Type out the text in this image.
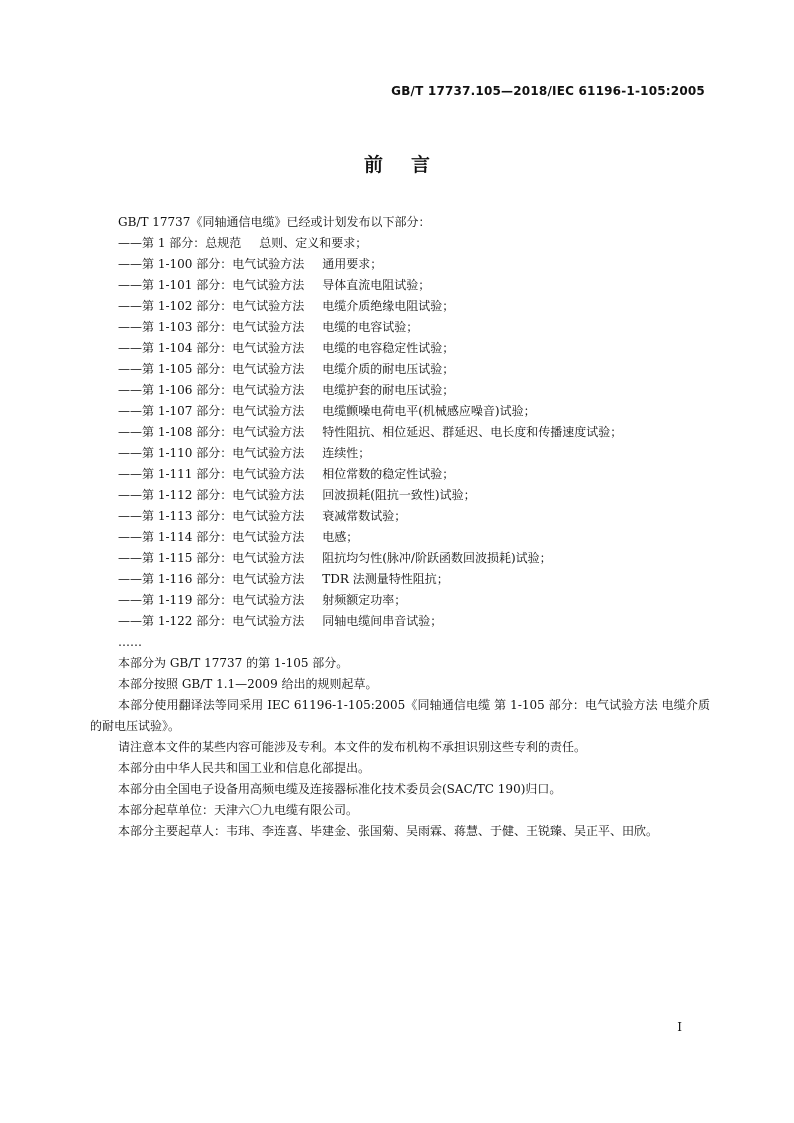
GB/T 17737.105—2018/IEC 61196-1-105:2005
前言
GB/T 17737《同轴通信电缆》已经或计划发布以下部分：
——第 1 部分：总规范 总则、定义和要求；
——第 1-100 部分：电气试验方法 通用要求；
——第 1-101 部分：电气试验方法 导体直流电阻试验；
——第 1-102 部分：电气试验方法 电缆介质绝缘电阻试验；
——第 1-103 部分：电气试验方法 电缆的电容试验；
——第 1-104 部分：电气试验方法 电缆的电容稳定性试验；
——第 1-105 部分：电气试验方法 电缆介质的耐电压试验；
——第 1-106 部分：电气试验方法 电缆护套的耐电压试验；
——第 1-107 部分：电气试验方法 电缆颤噪电荷电平(机械感应噪音)试验；
——第 1-108 部分：电气试验方法 特性阻抗、相位延迟、群延迟、电长度和传播速度试验；
——第 1-110 部分：电气试验方法 连续性；
——第 1-111 部分：电气试验方法 相位常数的稳定性试验；
——第 1-112 部分：电气试验方法 回波损耗(阻抗一致性)试验；
——第 1-113 部分：电气试验方法 衰减常数试验；
——第 1-114 部分：电气试验方法 电感；
——第 1-115 部分：电气试验方法 阻抗均匀性(脉冲/阶跃函数回波损耗)试验；
——第 1-116 部分：电气试验方法 TDR 法测量特性阻抗；
——第 1-119 部分：电气试验方法 射频额定功率；
——第 1-122 部分：电气试验方法 同轴电缆间串音试验；
……
本部分为 GB/T 17737 的第 1-105 部分。
本部分按照 GB/T 1.1—2009 给出的规则起草。
本部分使用翻译法等同采用 IEC 61196-1-105:2005《同轴通信电缆 第 1-105 部分：电气试验方法 电缆介质的耐电压试验》。
请注意本文件的某些内容可能涉及专利。本文件的发布机构不承担识别这些专利的责任。
本部分由中华人民共和国工业和信息化部提出。
本部分由全国电子设备用高频电缆及连接器标准化技术委员会(SAC/TC 190)归口。
本部分起草单位：天津六〇九电缆有限公司。
本部分主要起草人：韦玮、李连喜、毕建金、张国菊、吴雨霖、蒋慧、于健、王锐臻、吴正平、田欣。
I
